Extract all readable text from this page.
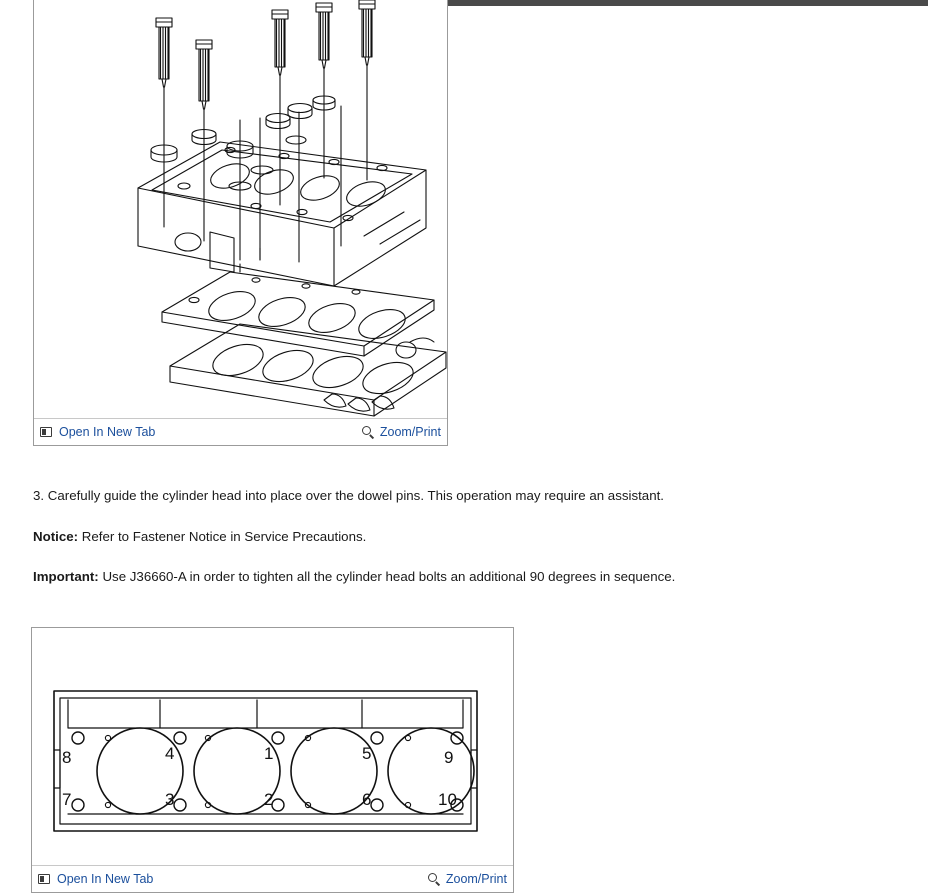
Open In New Tab	Zoom/Print
3. Carefully guide the cylinder head into place over the dowel pins. This operation may require an assistant.
Notice: Refer to Fastener Notice in Service Precautions.
Important: Use J36660-A in order to tighten all the cylinder head bolts an additional 90 degrees in sequence.
8	4	1	5	9
7	3	2	6	10
Open In New Tab	Zoom/Print
